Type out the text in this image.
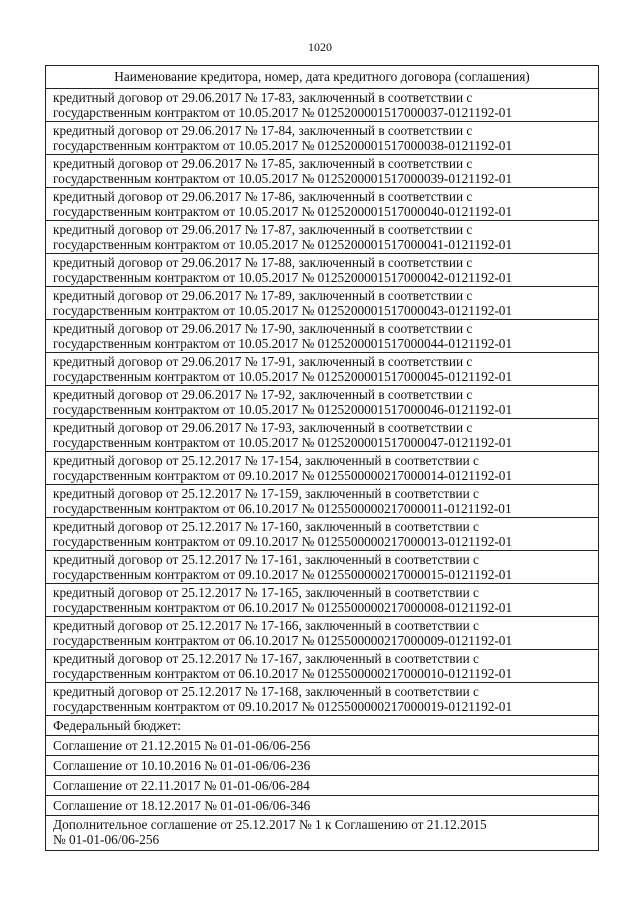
1020
Наименование кредитора, номер, дата кредитного договора (соглашения)

кредитный договор от 29.06.2017 № 17-83, заключенный в соответствии с
государственным контрактом от 10.05.2017 № 0125200001517000037-0121192-01

кредитный договор от 29.06.2017 № 17-84, заключенный в соответствии с
государственным контрактом от 10.05.2017 № 0125200001517000038-0121192-01

кредитный договор от 29.06.2017 № 17-85, заключенный в соответствии с
государственным контрактом от 10.05.2017 № 0125200001517000039-0121192-01

кредитный договор от 29.06.2017 № 17-86, заключенный в соответствии с
государственным контрактом от 10.05.2017 № 0125200001517000040-0121192-01

кредитный договор от 29.06.2017 № 17-87, заключенный в соответствии с
государственным контрактом от 10.05.2017 № 0125200001517000041-0121192-01

кредитный договор от 29.06.2017 № 17-88, заключенный в соответствии с
государственным контрактом от 10.05.2017 № 0125200001517000042-0121192-01

кредитный договор от 29.06.2017 № 17-89, заключенный в соответствии с
государственным контрактом от 10.05.2017 № 0125200001517000043-0121192-01

кредитный договор от 29.06.2017 № 17-90, заключенный в соответствии с
государственным контрактом от 10.05.2017 № 0125200001517000044-0121192-01

кредитный договор от 29.06.2017 № 17-91, заключенный в соответствии с
государственным контрактом от 10.05.2017 № 0125200001517000045-0121192-01

кредитный договор от 29.06.2017 № 17-92, заключенный в соответствии с
государственным контрактом от 10.05.2017 № 0125200001517000046-0121192-01

кредитный договор от 29.06.2017 № 17-93, заключенный в соответствии с
государственным контрактом от 10.05.2017 № 0125200001517000047-0121192-01

кредитный договор от 25.12.2017 № 17-154, заключенный в соответствии с
государственным контрактом от 09.10.2017 № 0125500000217000014-0121192-01

кредитный договор от 25.12.2017 № 17-159, заключенный в соответствии с
государственным контрактом от 06.10.2017 № 0125500000217000011-0121192-01

кредитный договор от 25.12.2017 № 17-160, заключенный в соответствии с
государственным контрактом от 09.10.2017 № 0125500000217000013-0121192-01

кредитный договор от 25.12.2017 № 17-161, заключенный в соответствии с
государственным контрактом от 09.10.2017 № 0125500000217000015-0121192-01

кредитный договор от 25.12.2017 № 17-165, заключенный в соответствии с
государственным контрактом от 06.10.2017 № 0125500000217000008-0121192-01

кредитный договор от 25.12.2017 № 17-166, заключенный в соответствии с
государственным контрактом от 06.10.2017 № 0125500000217000009-0121192-01

кредитный договор от 25.12.2017 № 17-167, заключенный в соответствии с
государственным контрактом от 06.10.2017 № 0125500000217000010-0121192-01

кредитный договор от 25.12.2017 № 17-168, заключенный в соответствии с
государственным контрактом от 09.10.2017 № 0125500000217000019-0121192-01

Федеральный бюджет:
Соглашение от 21.12.2015 № 01-01-06/06-256
Соглашение от 10.10.2016 № 01-01-06/06-236
Соглашение от 22.11.2017 № 01-01-06/06-284
Соглашение от 18.12.2017 № 01-01-06/06-346

Дополнительное соглашение от 25.12.2017 № 1 к Соглашению от 21.12.2015
№ 01-01-06/06-256
